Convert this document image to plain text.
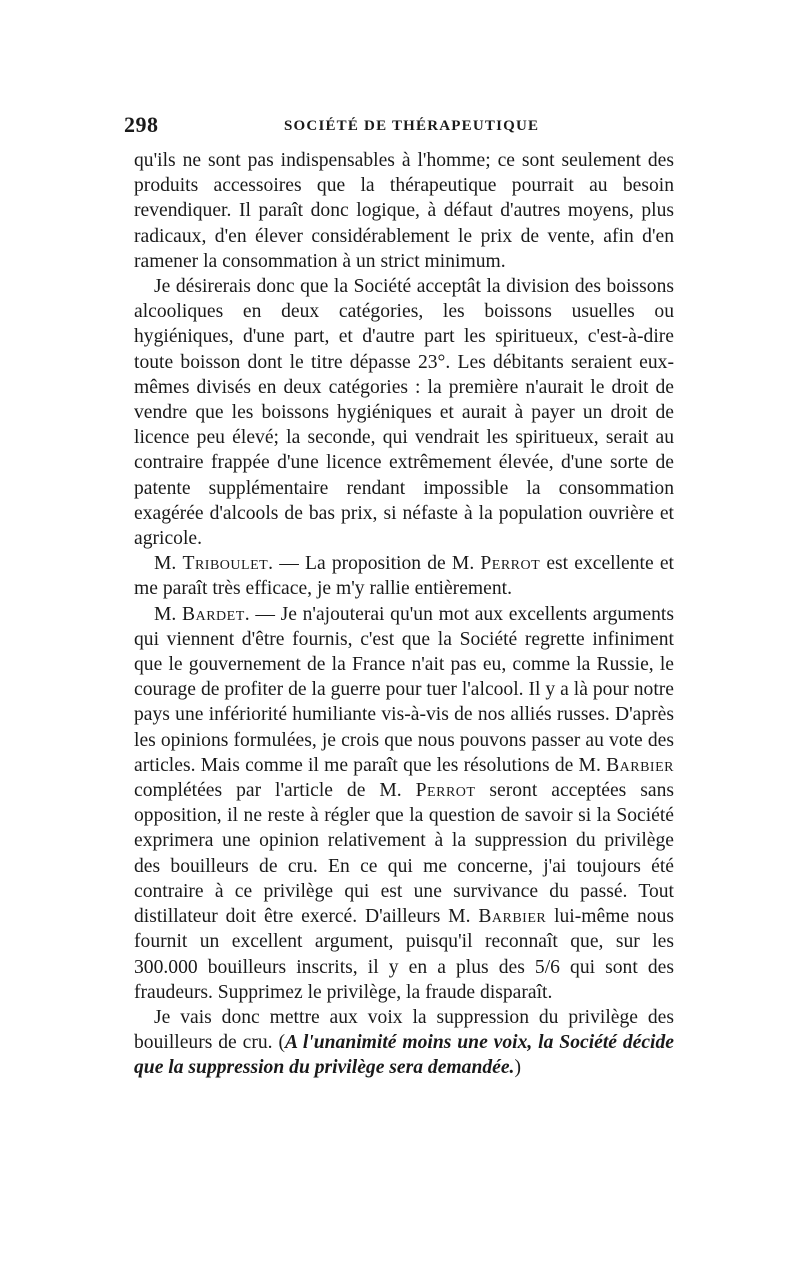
298	SOCIÉTÉ DE THÉRAPEUTIQUE

qu'ils ne sont pas indispensables à l'homme; ce sont seulement des produits accessoires que la thérapeutique pourrait au besoin revendiquer. Il paraît donc logique, à défaut d'autres moyens, plus radicaux, d'en élever considérablement le prix de vente, afin d'en ramener la consommation à un strict minimum.

Je désirerais donc que la Société acceptât la division des boissons alcooliques en deux catégories, les boissons usuelles ou hygiéniques, d'une part, et d'autre part les spiritueux, c'est-à-dire toute boisson dont le titre dépasse 23°. Les débitants seraient eux-mêmes divisés en deux catégories : la première n'aurait le droit de vendre que les boissons hygiéniques et aurait à payer un droit de licence peu élevé; la seconde, qui vendrait les spiritueux, serait au contraire frappée d'une licence extrêmement élevée, d'une sorte de patente supplémentaire rendant impossible la consommation exagérée d'alcools de bas prix, si néfaste à la population ouvrière et agricole.

M. Triboulet. — La proposition de M. Perrot est excellente et me paraît très efficace, je m'y rallie entièrement.

M. Bardet. — Je n'ajouterai qu'un mot aux excellents arguments qui viennent d'être fournis, c'est que la Société regrette infiniment que le gouvernement de la France n'ait pas eu, comme la Russie, le courage de profiter de la guerre pour tuer l'alcool. Il y a là pour notre pays une infériorité humiliante vis-à-vis de nos alliés russes. D'après les opinions formulées, je crois que nous pouvons passer au vote des articles. Mais comme il me paraît que les résolutions de M. Barbier complétées par l'article de M. Perrot seront acceptées sans opposition, il ne reste à régler que la question de savoir si la Société exprimera une opinion relativement à la suppression du privilège des bouilleurs de cru. En ce qui me concerne, j'ai toujours été contraire à ce privilège qui est une survivance du passé. Tout distillateur doit être exercé. D'ailleurs M. Barbier lui-même nous fournit un excellent argument, puisqu'il reconnaît que, sur les 300.000 bouilleurs inscrits, il y en a plus des 5/6 qui sont des fraudeurs. Supprimez le privilège, la fraude disparaît.

Je vais donc mettre aux voix la suppression du privilège des bouilleurs de cru. (A l'unanimité moins une voix, la Société décide que la suppression du privilège sera demandée.)
